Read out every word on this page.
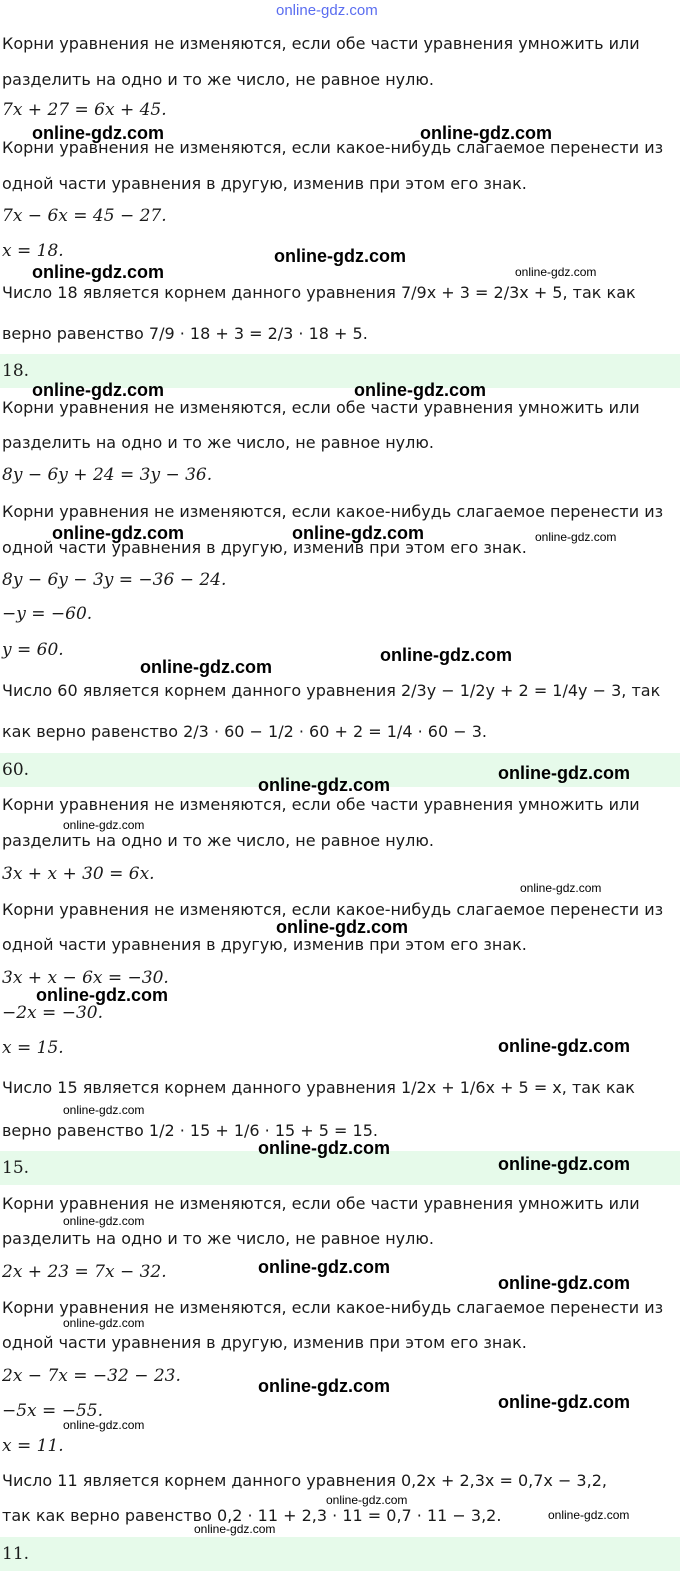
online-gdz.com
Корни уравнения не изменяются, если обе части уравнения умножить или
разделить на одно и то же число, не равное нулю.
7x + 27 = 6x + 45.
Корни уравнения не изменяются, если какое-нибудь слагаемое перенести из
одной части уравнения в другую, изменив при этом его знак.
7x − 6x = 45 − 27.
x = 18.
Число 18 является корнем данного уравнения 7/9x + 3 = 2/3x + 5, так как
верно равенство 7/9 · 18 + 3 = 2/3 · 18 + 5.
18.
Корни уравнения не изменяются, если обе части уравнения умножить или
разделить на одно и то же число, не равное нулю.
8y − 6y + 24 = 3y − 36.
Корни уравнения не изменяются, если какое-нибудь слагаемое перенести из
одной части уравнения в другую, изменив при этом его знак.
8y − 6y − 3y = −36 − 24.
−y = −60.
y = 60.
Число 60 является корнем данного уравнения 2/3y − 1/2y + 2 = 1/4y − 3, так
как верно равенство 2/3 · 60 − 1/2 · 60 + 2 = 1/4 · 60 − 3.
60.
Корни уравнения не изменяются, если обе части уравнения умножить или
разделить на одно и то же число, не равное нулю.
3x + x + 30 = 6x.
Корни уравнения не изменяются, если какое-нибудь слагаемое перенести из
одной части уравнения в другую, изменив при этом его знак.
3x + x − 6x = −30.
−2x = −30.
x = 15.
Число 15 является корнем данного уравнения 1/2x + 1/6x + 5 = x, так как
верно равенство 1/2 · 15 + 1/6 · 15 + 5 = 15.
15.
Корни уравнения не изменяются, если обе части уравнения умножить или
разделить на одно и то же число, не равное нулю.
2x + 23 = 7x − 32.
Корни уравнения не изменяются, если какое-нибудь слагаемое перенести из
одной части уравнения в другую, изменив при этом его знак.
2x − 7x = −32 − 23.
−5x = −55.
x = 11.
Число 11 является корнем данного уравнения 0,2x + 2,3x = 0,7x − 3,2,
так как верно равенство 0,2 · 11 + 2,3 · 11 = 0,7 · 11 − 3,2.
11.
online-gdz.com	online-gdz.com
online-gdz.com
online-gdz.com	online-gdz.com
online-gdz.com	online-gdz.com
online-gdz.com	online-gdz.com	online-gdz.com
online-gdz.com
online-gdz.com
online-gdz.com
online-gdz.com
online-gdz.com
online-gdz.com
online-gdz.com
online-gdz.com
online-gdz.com
online-gdz.com
online-gdz.com
online-gdz.com
online-gdz.com
online-gdz.com
online-gdz.com
online-gdz.com
online-gdz.com
online-gdz.com
online-gdz.com
online-gdz.com
online-gdz.com
online-gdz.com
